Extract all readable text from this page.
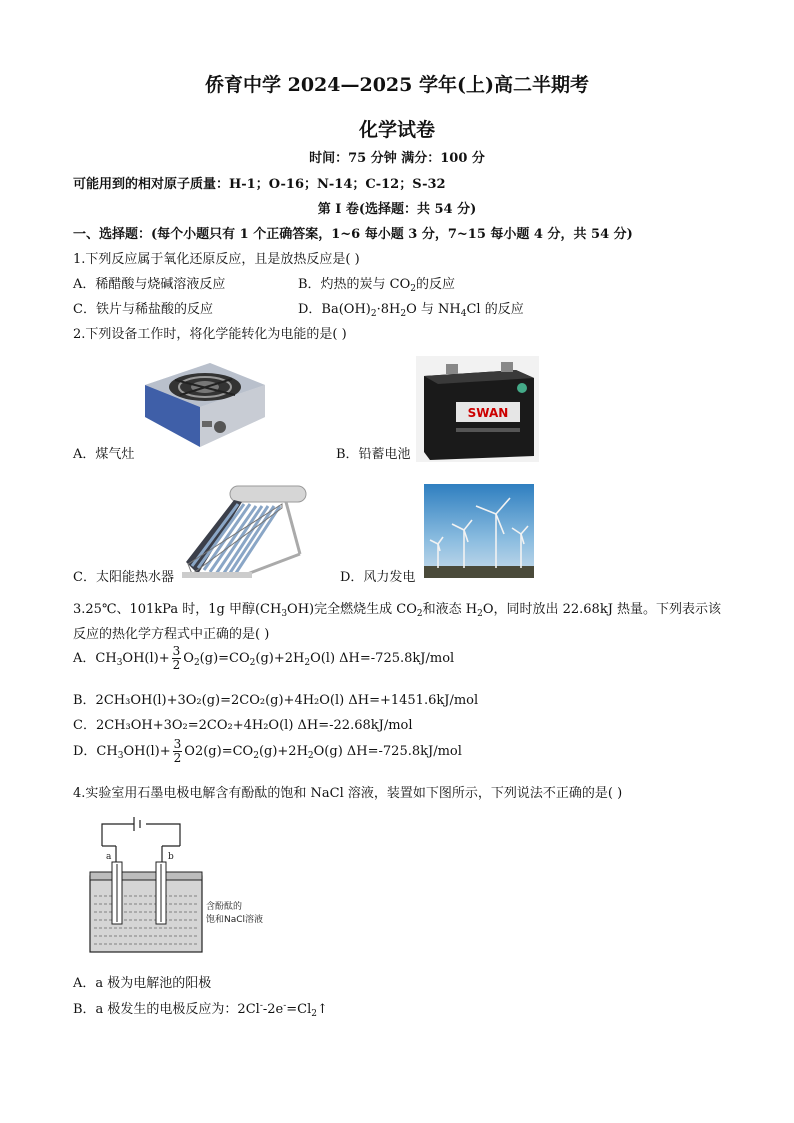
侨育中学 2024—2025 学年(上)高二半期考
化学试卷
时间：75 分钟 满分：100 分
可能用到的相对原子质量：H-1；O-16；N-14；C-12；S-32
第 I 卷(选择题：共 54 分)
一、选择题：(每个小题只有 1 个正确答案，1~6 每小题 3 分，7~15 每小题 4 分，共 54 分)
1.下列反应属于氧化还原反应，且是放热反应是( )
A．稀醋酸与烧碱溶液反应	B．灼热的炭与 $CO_2$的反应
C．铁片与稀盐酸的反应	D．$Ba(OH)_2\cdot 8H_2O$ 与 $NH_4Cl$ 的反应
2.下列设备工作时，将化学能转化为电能的是( )
A．煤气灶
SWAN
B．铅蓄电池
C．太阳能热水器	D．风力发电
3.25℃、101kPa 时，1g 甲醇$(CH_3OH)$完全燃烧生成 $CO_2$和液态 $H_2O$，同时放出 22.68kJ 热量。下列表示该
反应的热化学方程式中正确的是( )
A．$CH_3OH(l)+ \frac{3}{2} O_2(g)=CO_2(g)+2H_2O(l)$ ΔH=-725.8kJ/mol
B．2CH₃OH(l)+3O₂(g)=2CO₂(g)+4H₂O(l) ΔH=+1451.6kJ/mol
C．2CH₃OH+3O₂=2CO₂+4H₂O(l) ΔH=-22.68kJ/mol
D．$CH_3OH(l)+ \frac{3}{2} O2(g)=CO_2(g)+2H_2O(g)$ ΔH=-725.8kJ/mol
4.实验室用石墨电极电解含有酚酞的饱和 NaCl 溶液，装置如下图所示，下列说法不正确的是( )
a	b
含酚酞的
饱和NaCl溶液
A．a 极为电解池的阳极
B．a 极发生的电极反应为：$2Cl^--2e^-=Cl_2↑$
